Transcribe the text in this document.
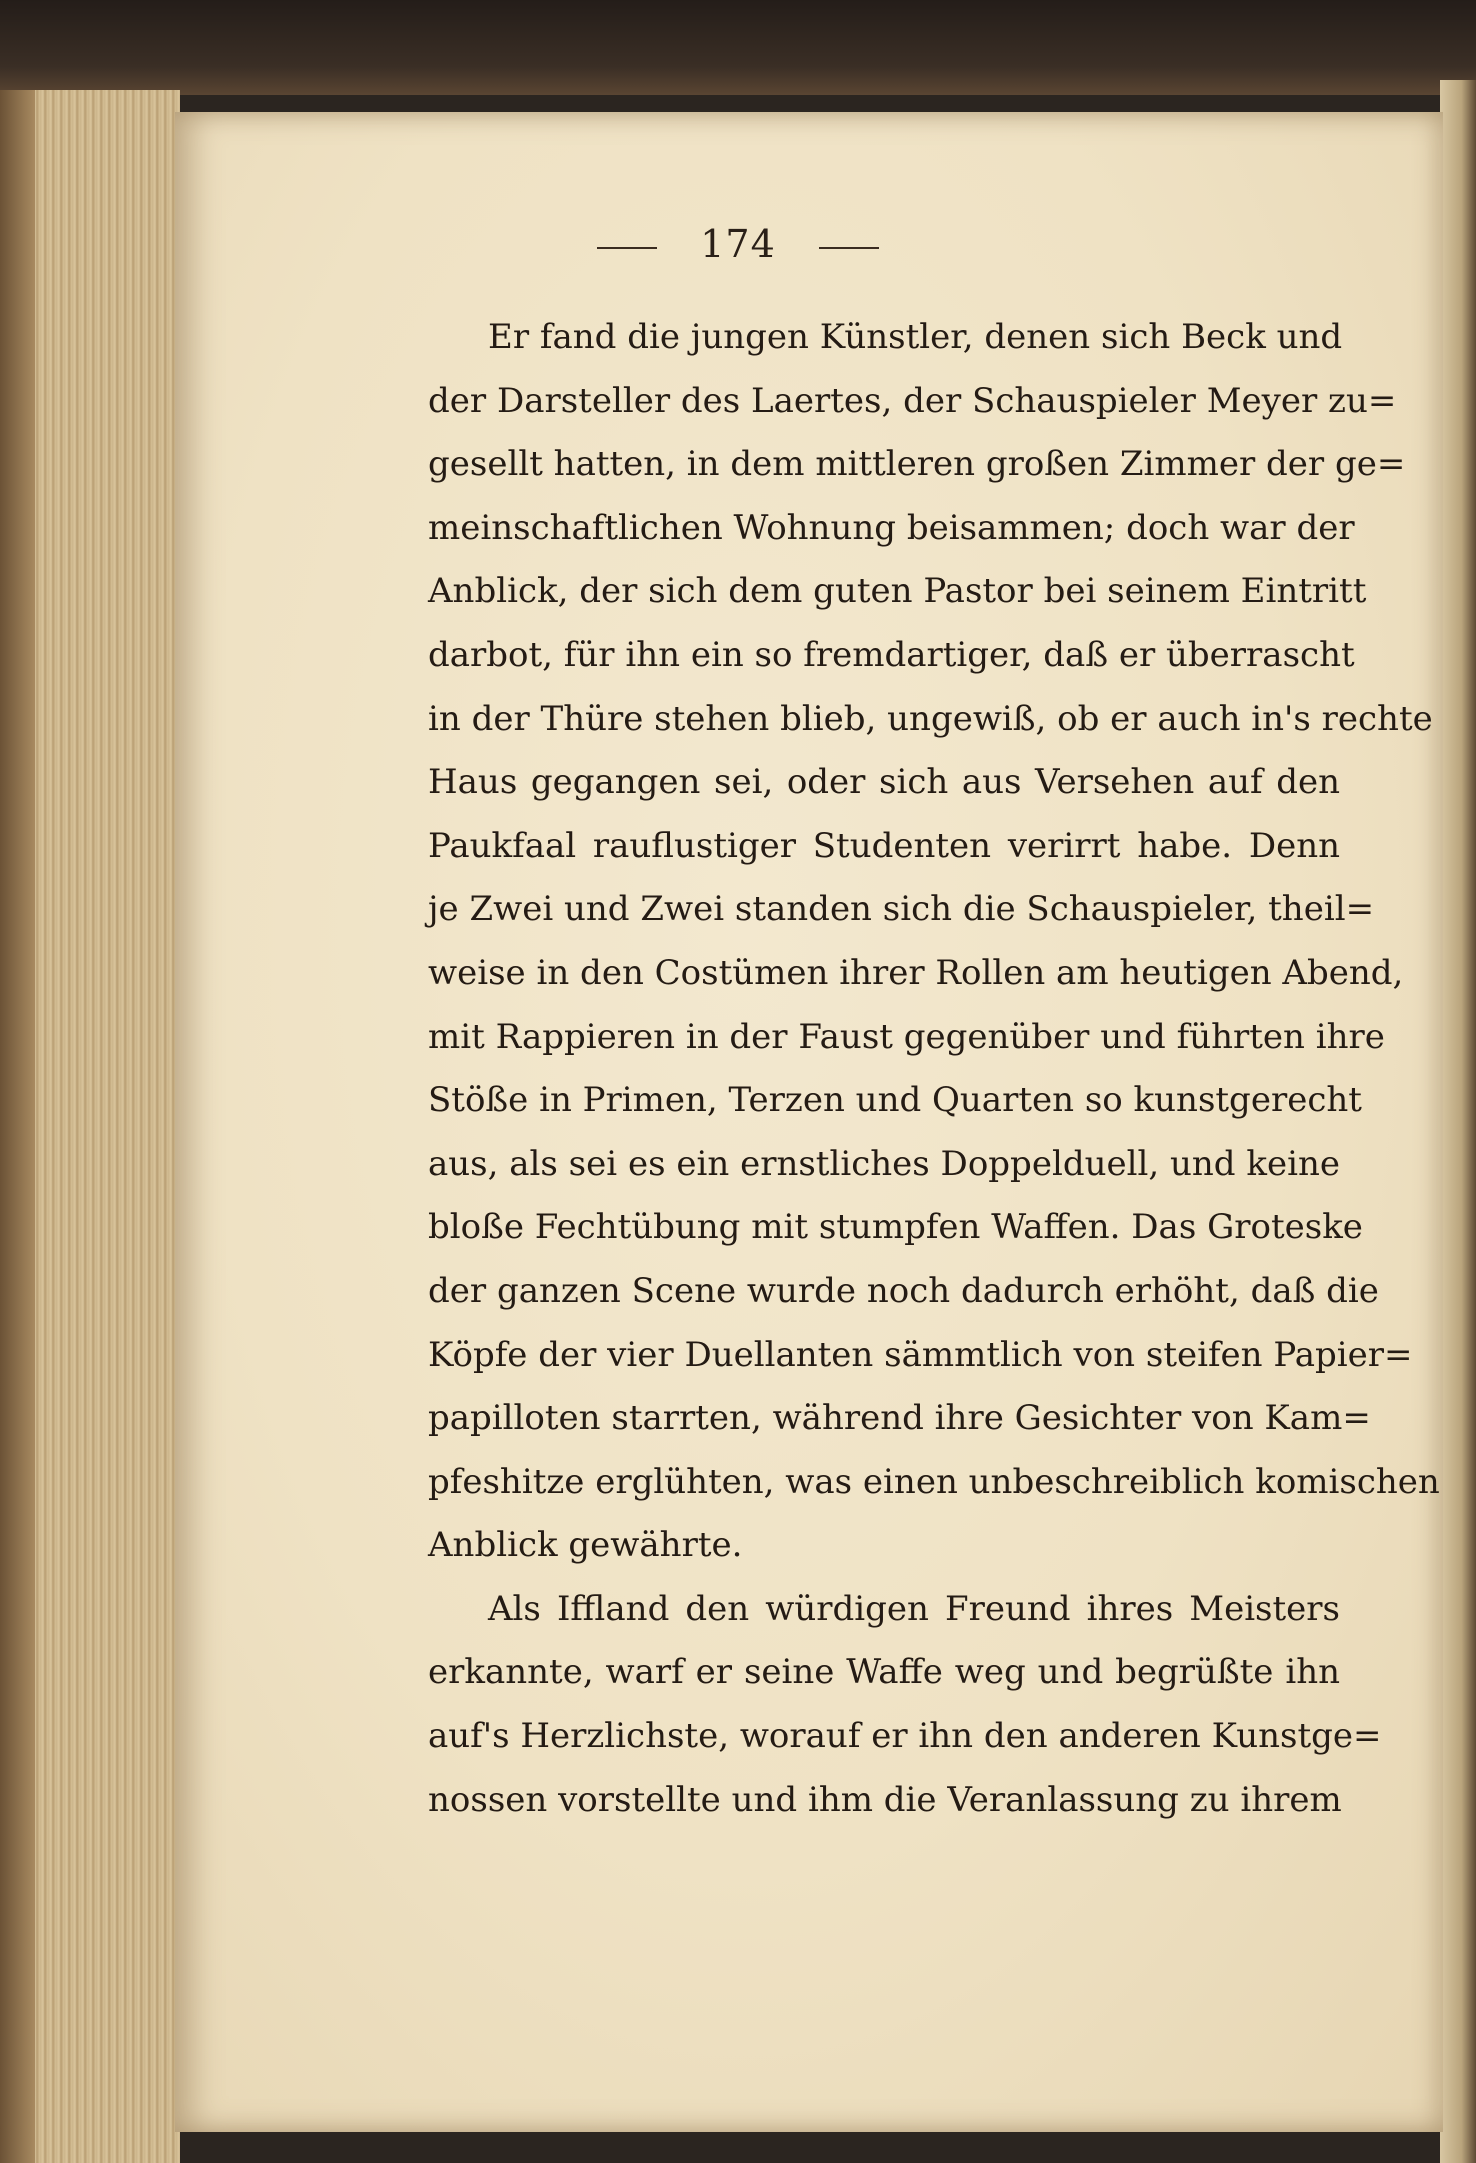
174
Er fand die jungen Künstler, denen sich Beck und
der Darsteller des Laertes, der Schauspieler Meyer zu=
gesellt hatten, in dem mittleren großen Zimmer der ge=
meinschaftlichen Wohnung beisammen; doch war der
Anblick, der sich dem guten Pastor bei seinem Eintritt
darbot, für ihn ein so fremdartiger, daß er überrascht
in der Thüre stehen blieb, ungewiß, ob er auch in's rechte
Haus gegangen sei, oder sich aus Versehen auf den
Paukfaal rauflustiger Studenten verirrt habe. Denn
je Zwei und Zwei standen sich die Schauspieler, theil=
weise in den Costümen ihrer Rollen am heutigen Abend,
mit Rappieren in der Faust gegenüber und führten ihre
Stöße in Primen, Terzen und Quarten so kunstgerecht
aus, als sei es ein ernstliches Doppelduell, und keine
bloße Fechtübung mit stumpfen Waffen. Das Groteske
der ganzen Scene wurde noch dadurch erhöht, daß die
Köpfe der vier Duellanten sämmtlich von steifen Papier=
papilloten starrten, während ihre Gesichter von Kam=
pfeshitze erglühten, was einen unbeschreiblich komischen
Anblick gewährte.
Als Iffland den würdigen Freund ihres Meisters
erkannte, warf er seine Waffe weg und begrüßte ihn
auf's Herzlichste, worauf er ihn den anderen Kunstge=
nossen vorstellte und ihm die Veranlassung zu ihrem
